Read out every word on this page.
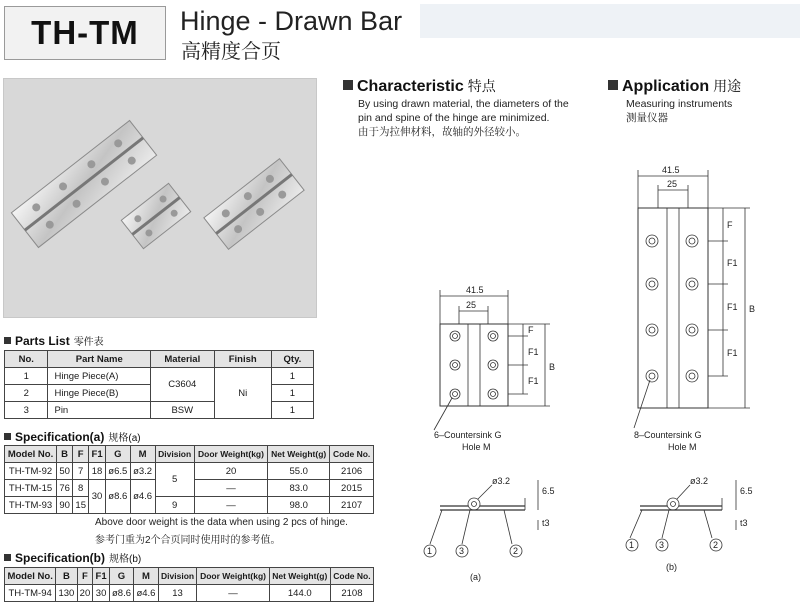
TH-TM	Hinge - Drawn Bar
高精度合页
Characteristic 特点
By using drawn material, the diameters of the
pin and spine of the hinge are minimized.
由于为拉伸材料，故轴的外径较小。
Application 用途
Measuring instruments
测量仪器
Parts List 零件表
No.	Part Name	Material	Finish	Qty.
1	Hinge Piece(A)	C3604	Ni	1
2	Hinge Piece(B)			1
3	Pin	BSW		1
Specification(a) 规格(a)
Model No.	B	F	F1	G	M	Division	Door Weight(kg)	Net Weight(g)	Code No.
TH-TM-92	50	7	18	ø6.5	ø3.2	5	20	55.0	2106
TH-TM-15	76	8	30	ø8.6	ø4.6		—	83.0	2015
TH-TM-93	90	15				9	—	98.0	2107
Above door weight is the data when using 2 pcs of hinge.
参考门重为2个合页同时使用时的参考值。
Specification(b) 规格(b)
Model No.	B	F	F1	G	M	Division	Door Weight(kg)	Net Weight(g)	Code No.
TH-TM-94	130	20	30	ø8.6	ø4.6	13	—	144.0	2108
41.5
25
F
F1
F1
B
6–Countersink G
Hole M
ø3.2
6.5
t3
1	3	2
(a)
41.5
25
F
F1
F1
F1
B
8–Countersink G
Hole M
ø3.2
6.5
t3
1	3	2
(b)
